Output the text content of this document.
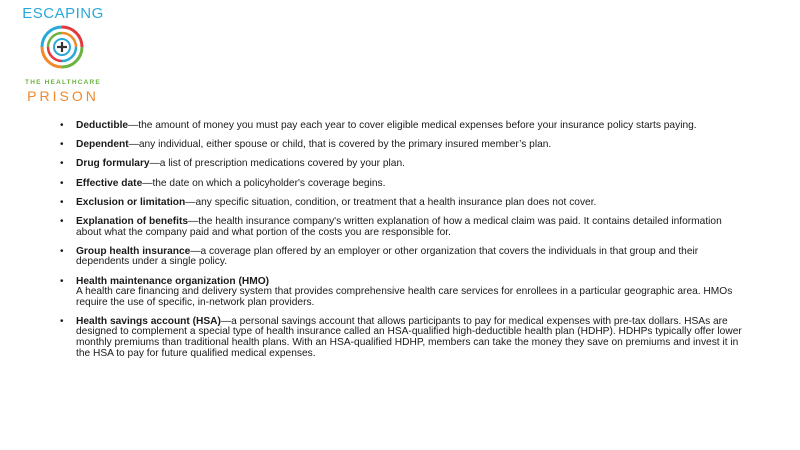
ESCAPING
THE HEALTHCARE
PRISON
• Deductible—the amount of money you must pay each year to cover eligible medical expenses before your insurance policy starts paying.
• Dependent—any individual, either spouse or child, that is covered by the primary insured member’s plan.
• Drug formulary—a list of prescription medications covered by your plan.
• Effective date—the date on which a policyholder's coverage begins.
• Exclusion or limitation—any specific situation, condition, or treatment that a health insurance plan does not cover.
• Explanation of benefits—the health insurance company's written explanation of how a medical claim was paid. It contains detailed information about what the company paid and what portion of the costs you are responsible for.
• Group health insurance—a coverage plan offered by an employer or other organization that covers the individuals in that group and their dependents under a single policy.
• Health maintenance organization (HMO)
A health care financing and delivery system that provides comprehensive health care services for enrollees in a particular geographic area. HMOs require the use of specific, in-network plan providers.
• Health savings account (HSA)—a personal savings account that allows participants to pay for medical expenses with pre-tax dollars. HSAs are designed to complement a special type of health insurance called an HSA-qualified high-deductible health plan (HDHP). HDHPs typically offer lower monthly premiums than traditional health plans. With an HSA-qualified HDHP, members can take the money they save on premiums and invest it in the HSA to pay for future qualified medical expenses.
